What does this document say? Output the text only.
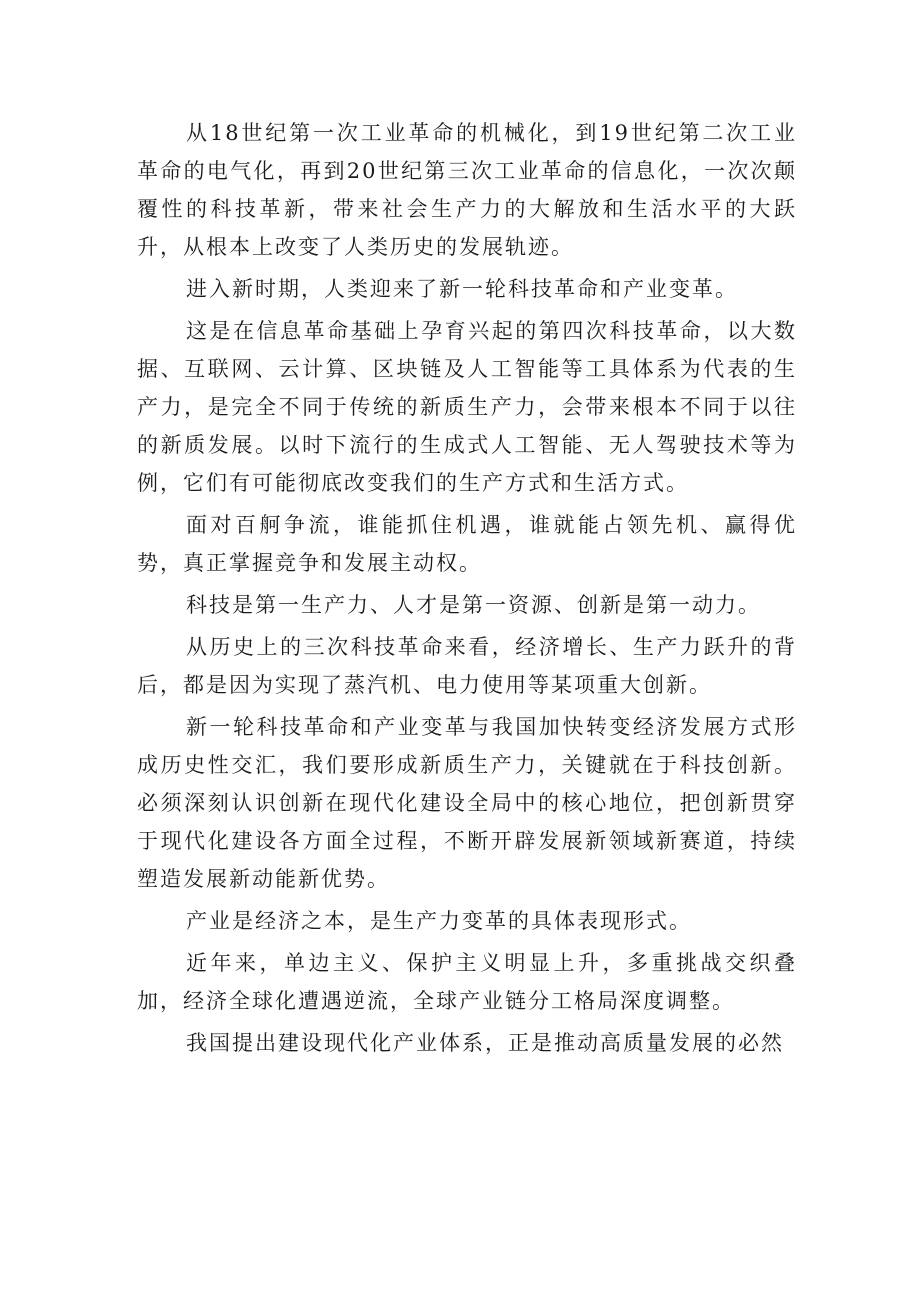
从18世纪第一次工业革命的机械化，到19世纪第二次工业革命的电气化，再到20世纪第三次工业革命的信息化，一次次颠覆性的科技革新，带来社会生产力的大解放和生活水平的大跃升，从根本上改变了人类历史的发展轨迹。

进入新时期，人类迎来了新一轮科技革命和产业变革。

这是在信息革命基础上孕育兴起的第四次科技革命，以大数据、互联网、云计算、区块链及人工智能等工具体系为代表的生产力，是完全不同于传统的新质生产力，会带来根本不同于以往的新质发展。以时下流行的生成式人工智能、无人驾驶技术等为例，它们有可能彻底改变我们的生产方式和生活方式。

面对百舸争流，谁能抓住机遇，谁就能占领先机、赢得优势，真正掌握竞争和发展主动权。

科技是第一生产力、人才是第一资源、创新是第一动力。

从历史上的三次科技革命来看，经济增长、生产力跃升的背后，都是因为实现了蒸汽机、电力使用等某项重大创新。

新一轮科技革命和产业变革与我国加快转变经济发展方式形成历史性交汇，我们要形成新质生产力，关键就在于科技创新。必须深刻认识创新在现代化建设全局中的核心地位，把创新贯穿于现代化建设各方面全过程，不断开辟发展新领域新赛道，持续塑造发展新动能新优势。

产业是经济之本，是生产力变革的具体表现形式。

近年来，单边主义、保护主义明显上升，多重挑战交织叠加，经济全球化遭遇逆流，全球产业链分工格局深度调整。

我国提出建设现代化产业体系，正是推动高质量发展的必然
